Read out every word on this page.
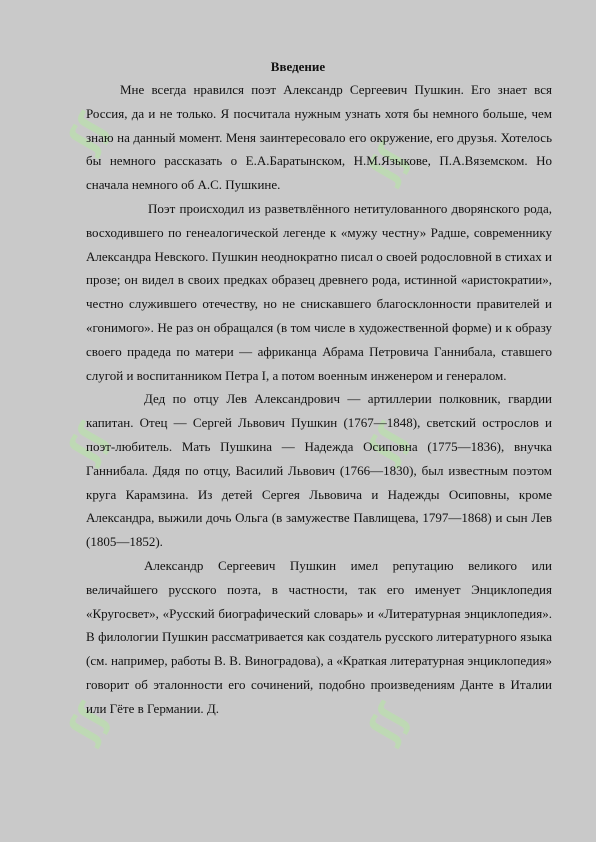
ʃʃ
ʃʃ
ʃʃ
ʃʃ
ʃʃ
ʃʃ
Введение

Мне всегда нравился поэт Александр Сергеевич Пушкин. Его знает вся Россия, да и не только. Я посчитала нужным узнать хотя бы немного больше, чем знаю на данный момент. Меня заинтересовало его окружение, его друзья. Хотелось бы немного рассказать о Е.А.Баратынском, Н.М.Языкове, П.А.Вяземском. Но сначала немного об А.С. Пушкине.

Поэт происходил из разветвлённого нетитулованного дворянского рода, восходившего по генеалогической легенде к «мужу честну» Радше, современнику Александра Невского. Пушкин неоднократно писал о своей родословной в стихах и прозе; он видел в своих предках образец древнего рода, истинной «аристократии», честно служившего отечеству, но не снискавшего благосклонности правителей и «гонимого». Не раз он обращался (в том числе в художественной форме) и к образу своего прадеда по матери — африканца Абрама Петровича Ганнибала, ставшего слугой и воспитанником Петра I, а потом военным инженером и генералом.

Дед по отцу Лев Александрович — артиллерии полковник, гвардии капитан. Отец — Сергей Львович Пушкин (1767—1848), светский острослов и поэт-любитель. Мать Пушкина — Надежда Осиповна (1775—1836), внучка Ганнибала. Дядя по отцу, Василий Львович (1766—1830), был известным поэтом круга Карамзина. Из детей Сергея Львовича и Надежды Осиповны, кроме Александра, выжили дочь Ольга (в замужестве Павлищева, 1797—1868) и сын Лев (1805—1852).

Александр Сергеевич Пушкин имел репутацию великого или величайшего русского поэта, в частности, так его именует Энциклопедия «Кругосвет», «Русский биографический словарь» и «Литературная энциклопедия». В филологии Пушкин рассматривается как создатель русского литературного языка (см. например, работы В. В. Виноградова), а «Краткая литературная энциклопедия» говорит об эталонности его сочинений, подобно произведениям Данте в Италии или Гёте в Германии. Д.
